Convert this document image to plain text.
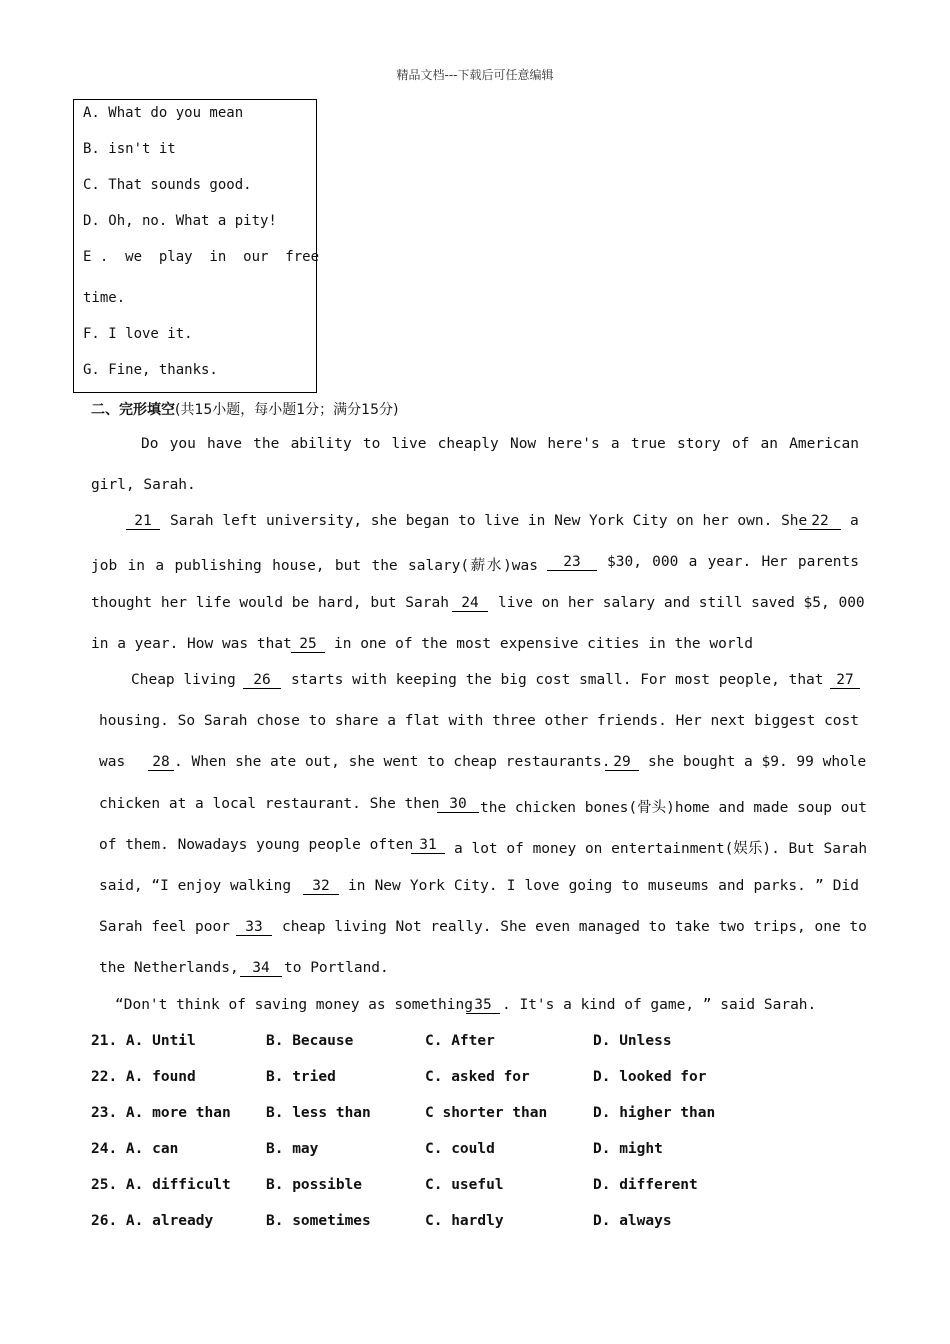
精品文档---下载后可任意编辑
A. What do you mean
B. isn't it
C. That sounds good.
D. Oh, no. What a pity!
E .  we  play  in  our  free
time.
F. I love it.
G. Fine, thanks.
二、完形填空(共15小题，每小题1分；满分15分)
Do you have the ability to live cheaply Now here's a true story of an American
girl, Sarah.
21	Sarah left university, she began to live in New York City on her own. She 22	a
job in a publishing house, but the salary(薪水)was	23	$30, 000 a year. Her parents
thought her life would be hard, but Sarah 24	live on her salary and still saved $5, 000
in a year. How was that 25	in one of the most expensive cities in the world
Cheap living	26	starts with keeping the big cost small. For most people, that 27
housing. So Sarah chose to share a flat with three other friends. Her next biggest cost
was 28 . When she ate out, she went to cheap restaurants. 29	she bought a $9. 99 whole
chicken at a local restaurant. She then 30 the chicken bones(骨头)home and made soup out
of them. Nowadays young people often 31	a lot of money on entertainment(娱乐). But Sarah
said, “I enjoy walking	32	in New York City. I love going to museums and parks. ” Did
Sarah feel poor	33	cheap living Not really. She even managed to take two trips, one to
the Netherlands, 34 to Portland.
“Don't think of saving money as something 35 . It's a kind of game, ” said Sarah.
21. A. Until	B. Because	C. After	D. Unless
22. A. found	B. tried	C. asked for	D. looked for
23. A. more than B. less than	C shorter than	D. higher than
24. A. can	B. may	C. could	D. might
25. A. difficult B. possible	C. useful	D. different
26. A. already	B. sometimes	C. hardly	D. always
